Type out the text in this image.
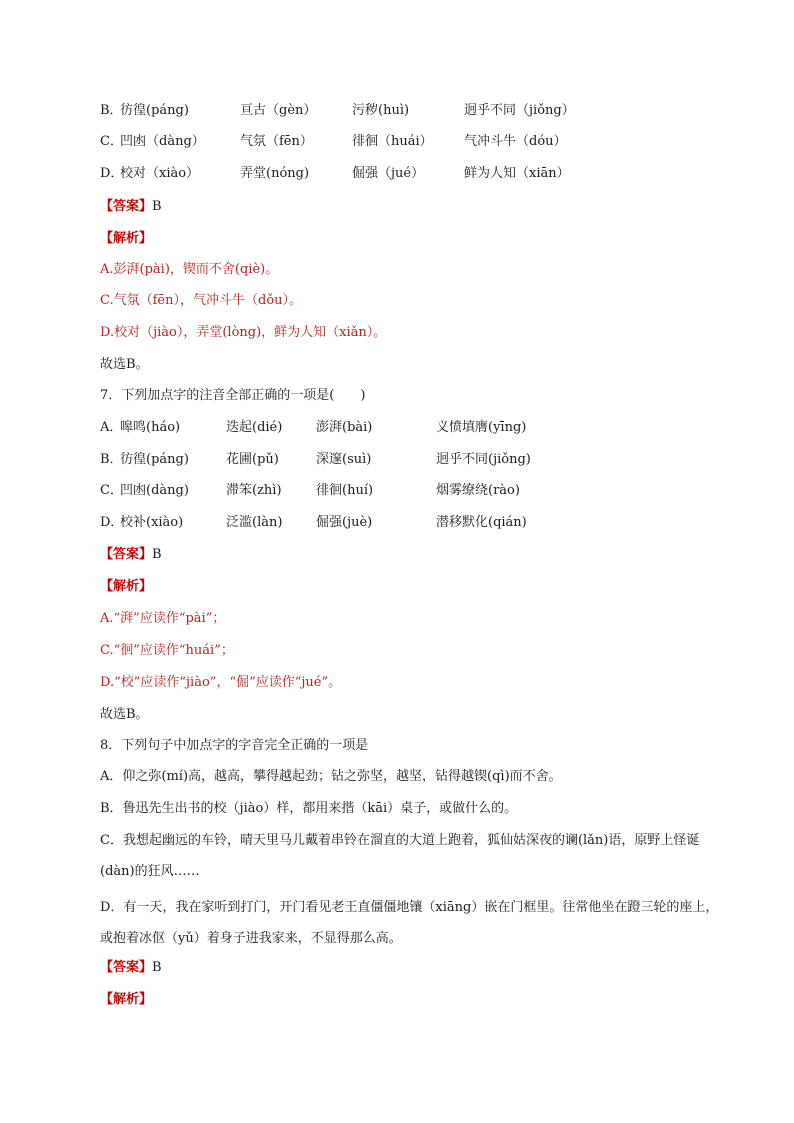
B．
彷徨(páng)	亘古（gèn）	污秽(huì)	迥乎不同（jiǒng）
C．
凹凼（dàng）	气氛（fēn）	徘徊（huái） 气冲斗牛（dóu）
D．
校对（xiào）	弄堂(nóng)	倔强（jué）	鲜为人知（xiān）
【答案】B
【解析】
A.彭湃(pài)，锲而不舍(qiè)。
C.气氛（fēn），气冲斗牛（dǒu）。
D.校对（jiào），弄堂(lòng)，鲜为人知（xiǎn）。
故选B。
7．下列加点字的注音全部正确的一项是(　　)
A．
嗥鸣(háo)	迭起(dié)	澎湃(bài)	义愤填膺(yīng)
B．
彷徨(páng)	花圃(pǔ)	深邃(suì)	迥乎不同(jiǒng)
C．
凹凼(dàng)	滞笨(zhì)	徘徊(huí)	烟雾缭绕(rào)
D．
校补(xiào)	泛滥(làn)	倔强(juè)	潜移默化(qián)
【答案】B
【解析】
A.“湃”应读作“pài”；
C.“徊”应读作“huái”；
D.“校”应读作“jiào”，“倔”应读作“jué”。
故选B。
8．下列句子中加点字的字音完全正确的一项是
A．仰之弥(mí)高，越高，攀得越起劲；钻之弥坚，越坚，钻得越锲(qì)而不舍。
B．鲁迅先生出书的校（jiào）样，都用来揩（kāi）桌子，或做什么的。
C．我想起幽远的车铃，晴天里马儿戴着串铃在溜直的大道上跑着，狐仙姑深夜的谰(lǎn)语，原野上怪诞(dàn)的狂风……
D．有一天，我在家听到打门，开门看见老王直僵僵地镶（xiāng）嵌在门框里。往常他坐在蹬三轮的座上，或抱着冰伛（yǔ）着身子进我家来，不显得那么高。
【答案】B
【解析】
